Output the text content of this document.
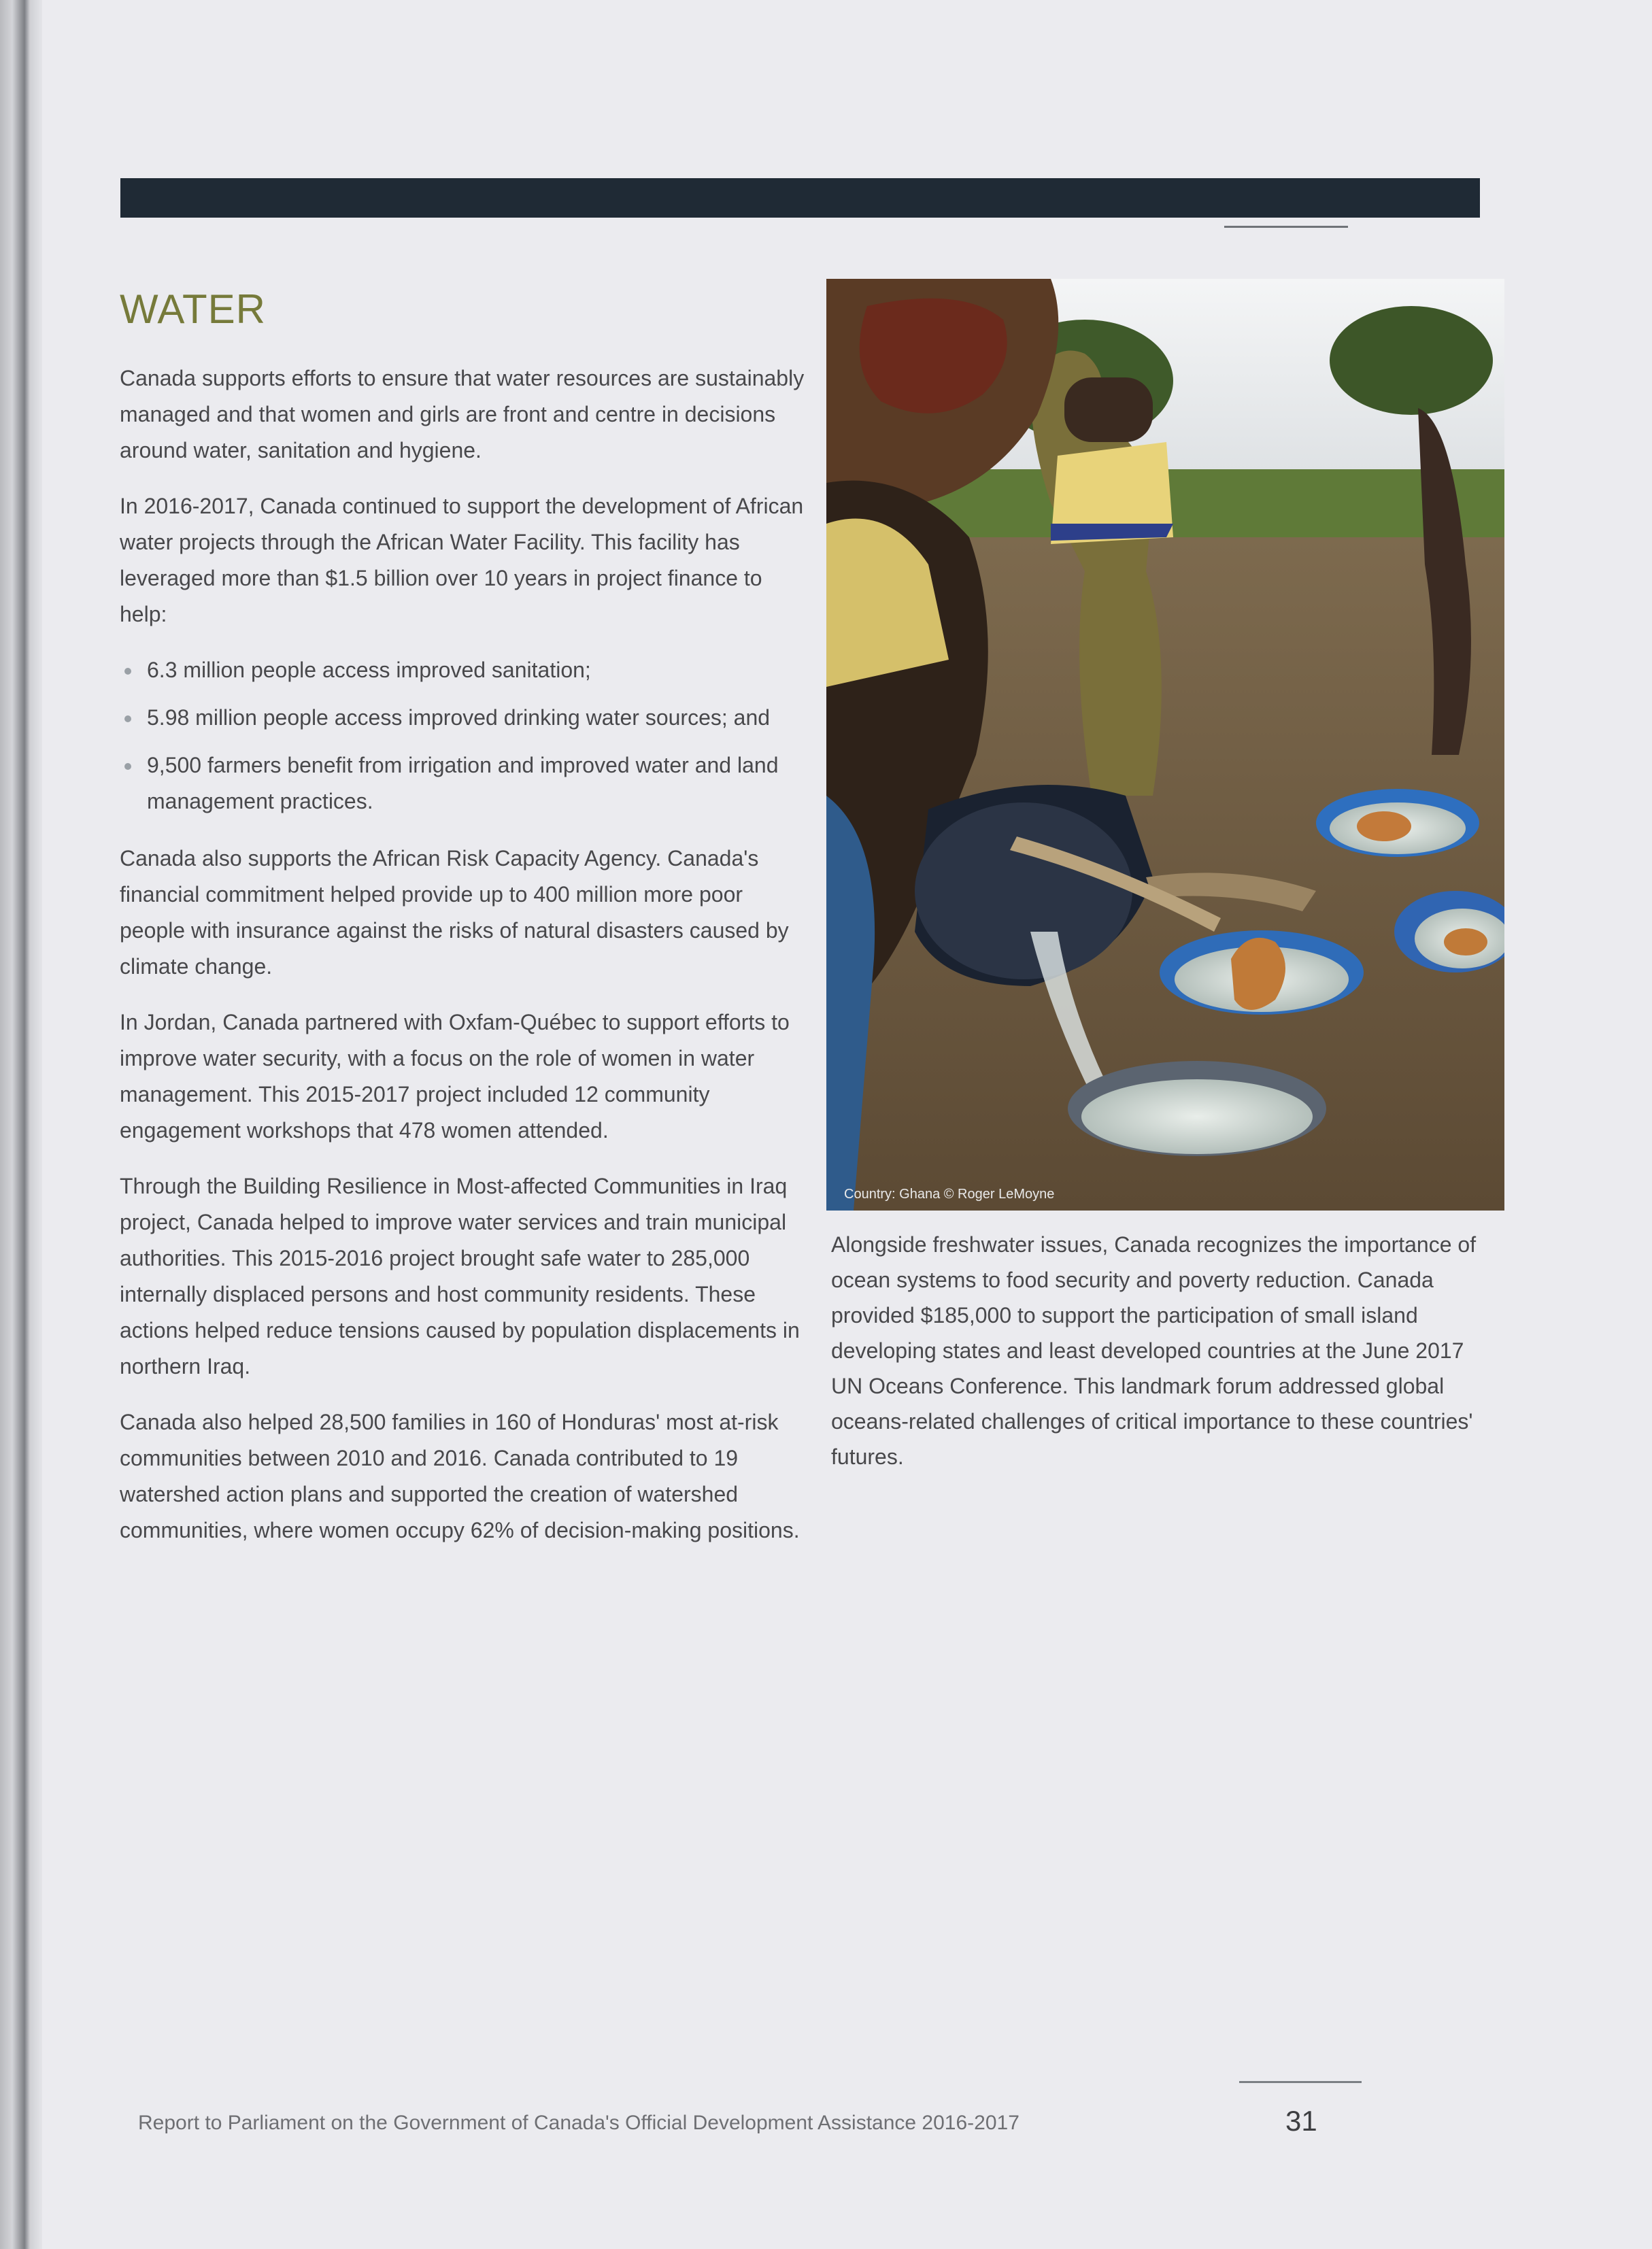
WATER

Canada supports efforts to ensure that water resources are sustainably managed and that women and girls are front and centre in decisions around water, sanitation and hygiene.

In 2016-2017, Canada continued to support the development of African water projects through the African Water Facility. This facility has leveraged more than $1.5 billion over 10 years in project finance to help:

6.3 million people access improved sanitation;
5.98 million people access improved drinking water sources; and
9,500 farmers benefit from irrigation and improved water and land management practices.

Canada also supports the African Risk Capacity Agency. Canada's financial commitment helped provide up to 400 million more poor people with insurance against the risks of natural disasters caused by climate change.

In Jordan, Canada partnered with Oxfam-Québec to support efforts to improve water security, with a focus on the role of women in water management. This 2015-2017 project included 12 community engagement workshops that 478 women attended.

Through the Building Resilience in Most-affected Communities in Iraq project, Canada helped to improve water services and train municipal authorities. This 2015-2016 project brought safe water to 285,000 internally displaced persons and host community residents. These actions helped reduce tensions caused by population displacements in northern Iraq.

Canada also helped 28,500 families in 160 of Honduras' most at-risk communities between 2010 and 2016. Canada contributed to 19 watershed action plans and supported the creation of watershed communities, where women occupy 62% of decision-making positions.

Country: Ghana © Roger LeMoyne

Alongside freshwater issues, Canada recognizes the importance of ocean systems to food security and poverty reduction. Canada provided $185,000 to support the participation of small island developing states and least developed countries at the June 2017 UN Oceans Conference. This landmark forum addressed global oceans-related challenges of critical importance to these countries' futures.

Report to Parliament on the Government of Canada's Official Development Assistance 2016-2017	31
